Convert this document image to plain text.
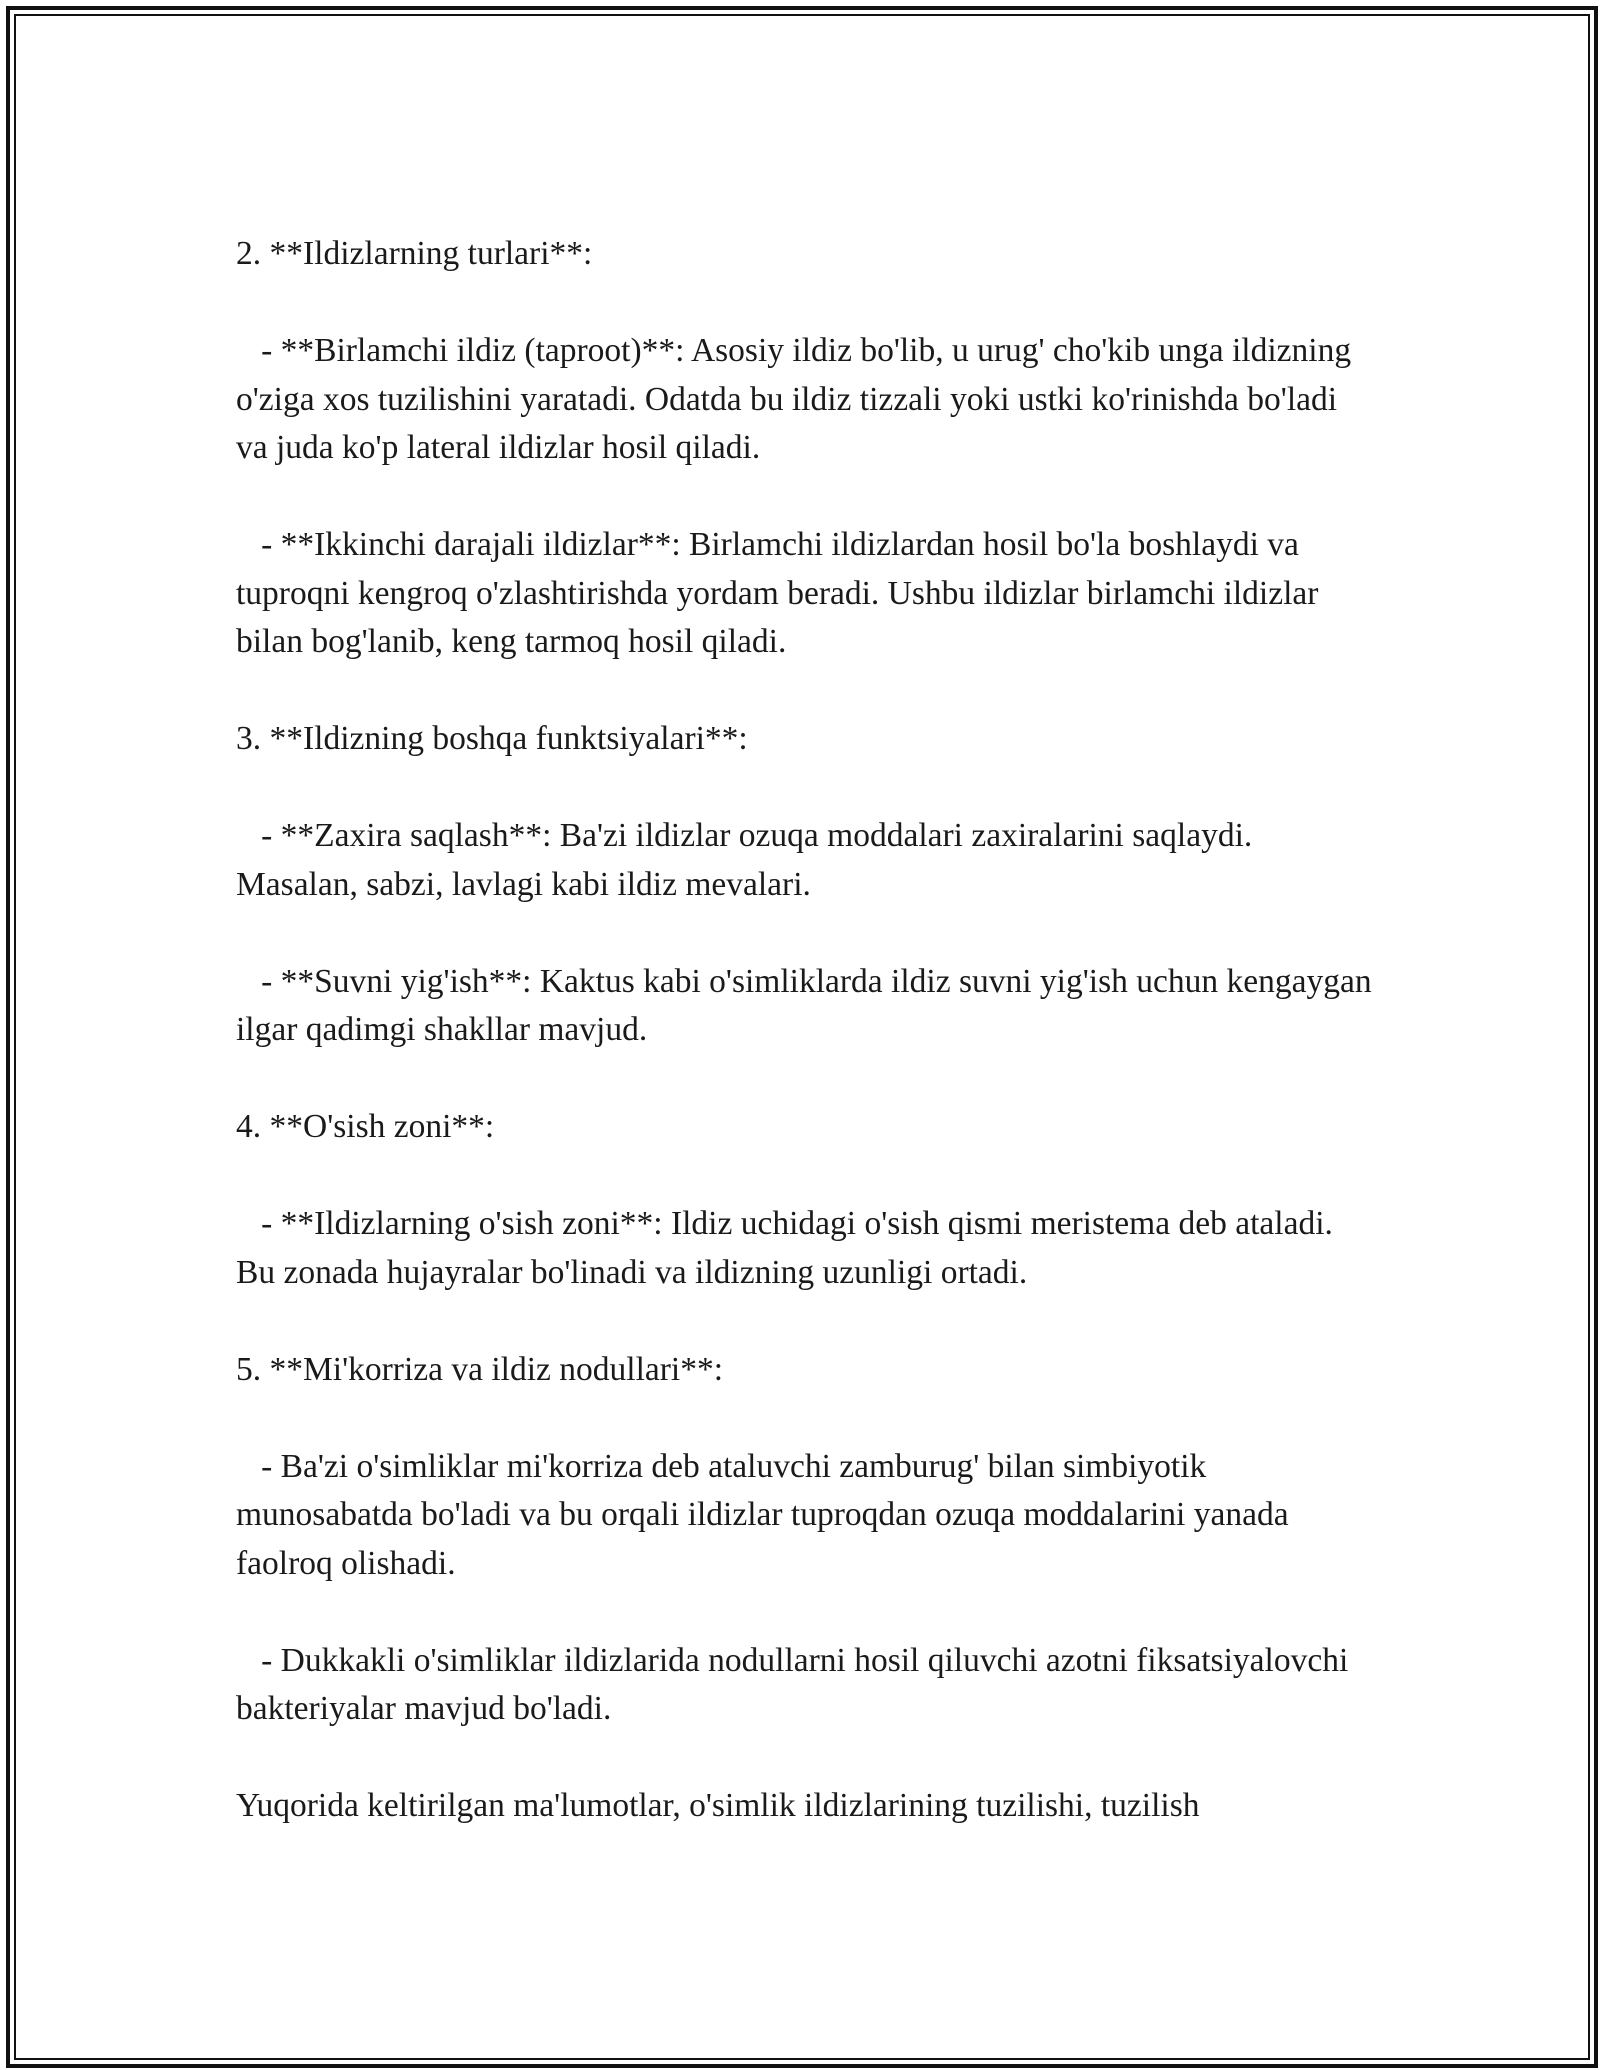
2. **Ildizlarning turlari**:

- **Birlamchi ildiz (taproot)**: Asosiy ildiz bo'lib, u urug' cho'kib unga ildizning o'ziga xos tuzilishini yaratadi. Odatda bu ildiz tizzali yoki ustki ko'rinishda bo'ladi va juda ko'p lateral ildizlar hosil qiladi.

- **Ikkinchi darajali ildizlar**: Birlamchi ildizlardan hosil bo'la boshlaydi va tuproqni kengroq o'zlashtirishda yordam beradi. Ushbu ildizlar birlamchi ildizlar bilan bog'lanib, keng tarmoq hosil qiladi.

3. **Ildizning boshqa funktsiyalari**:

- **Zaxira saqlash**: Ba'zi ildizlar ozuqa moddalari zaxiralarini saqlaydi. Masalan, sabzi, lavlagi kabi ildiz mevalari.

- **Suvni yig'ish**: Kaktus kabi o'simliklarda ildiz suvni yig'ish uchun kengaygan ilgar qadimgi shakllar mavjud.

4. **O'sish zoni**:

- **Ildizlarning o'sish zoni**: Ildiz uchidagi o'sish qismi meristema deb ataladi. Bu zonada hujayralar bo'linadi va ildizning uzunligi ortadi.

5. **Mi'korriza va ildiz nodullari**:

- Ba'zi o'simliklar mi'korriza deb ataluvchi zamburug' bilan simbiyotik munosabatda bo'ladi va bu orqali ildizlar tuproqdan ozuqa moddalarini yanada faolroq olishadi.

- Dukkakli o'simliklar ildizlarida nodullarni hosil qiluvchi azotni fiksatsiyalovchi bakteriyalar mavjud bo'ladi.

Yuqorida keltirilgan ma'lumotlar, o'simlik ildizlarining tuzilishi, tuzilish
